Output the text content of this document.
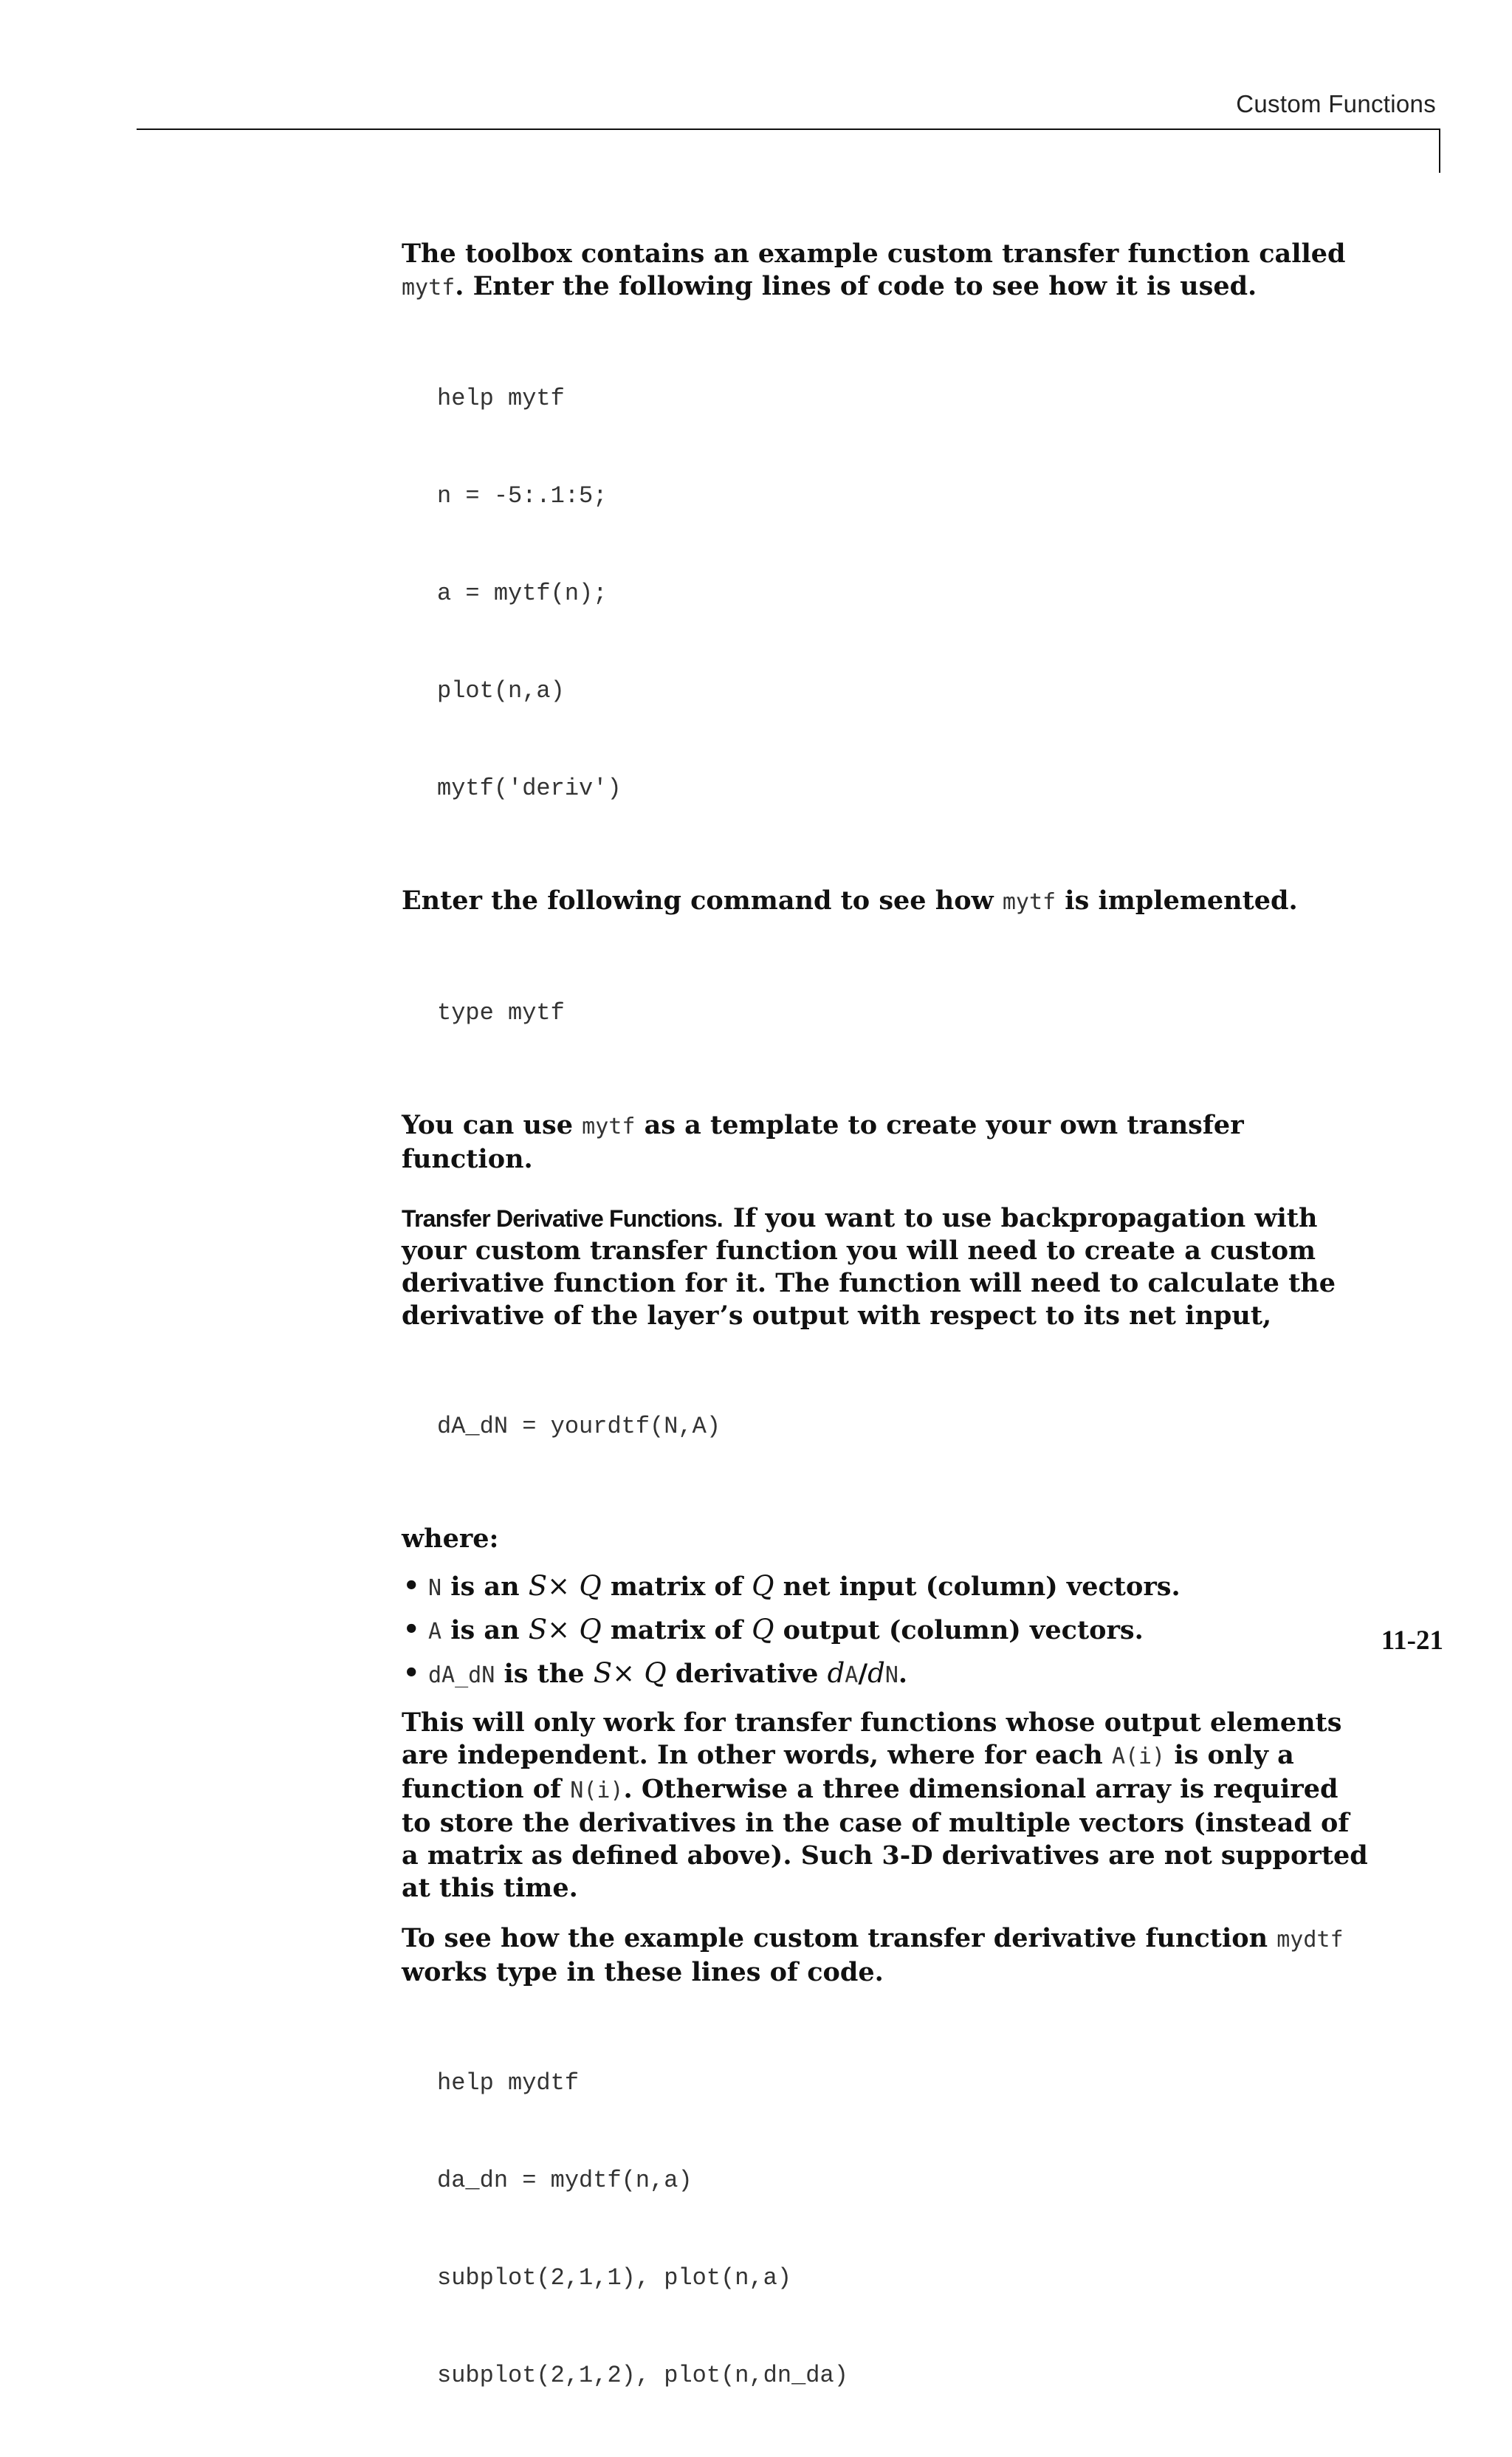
Custom Functions

The toolbox contains an example custom transfer function called mytf. Enter the following lines of code to see how it is used.

help mytf

n = -5:.1:5;

a = mytf(n);

plot(n,a)

mytf('deriv')

Enter the following command to see how mytf is implemented.

type mytf

You can use mytf as a template to create your own transfer function.

Transfer Derivative Functions. If you want to use backpropagation with your custom transfer function you will need to create a custom derivative function for it. The function will need to calculate the derivative of the layer’s output with respect to its net input,

dA_dN = yourdtf(N,A)

where:

• N is an S× Q matrix of Q net input (column) vectors.
• A is an S× Q matrix of Q output (column) vectors.
• dA_dN is the S× Q derivative dA/dN.

This will only work for transfer functions whose output elements are independent. In other words, where for each A(i) is only a function of N(i). Otherwise a three dimensional array is required to store the derivatives in the case of multiple vectors (instead of a matrix as defined above). Such 3-D derivatives are not supported at this time.

To see how the example custom transfer derivative function mydtf works type in these lines of code.

help mydtf

da_dn = mydtf(n,a)

subplot(2,1,1), plot(n,a)

subplot(2,1,2), plot(n,dn_da)

11-21
